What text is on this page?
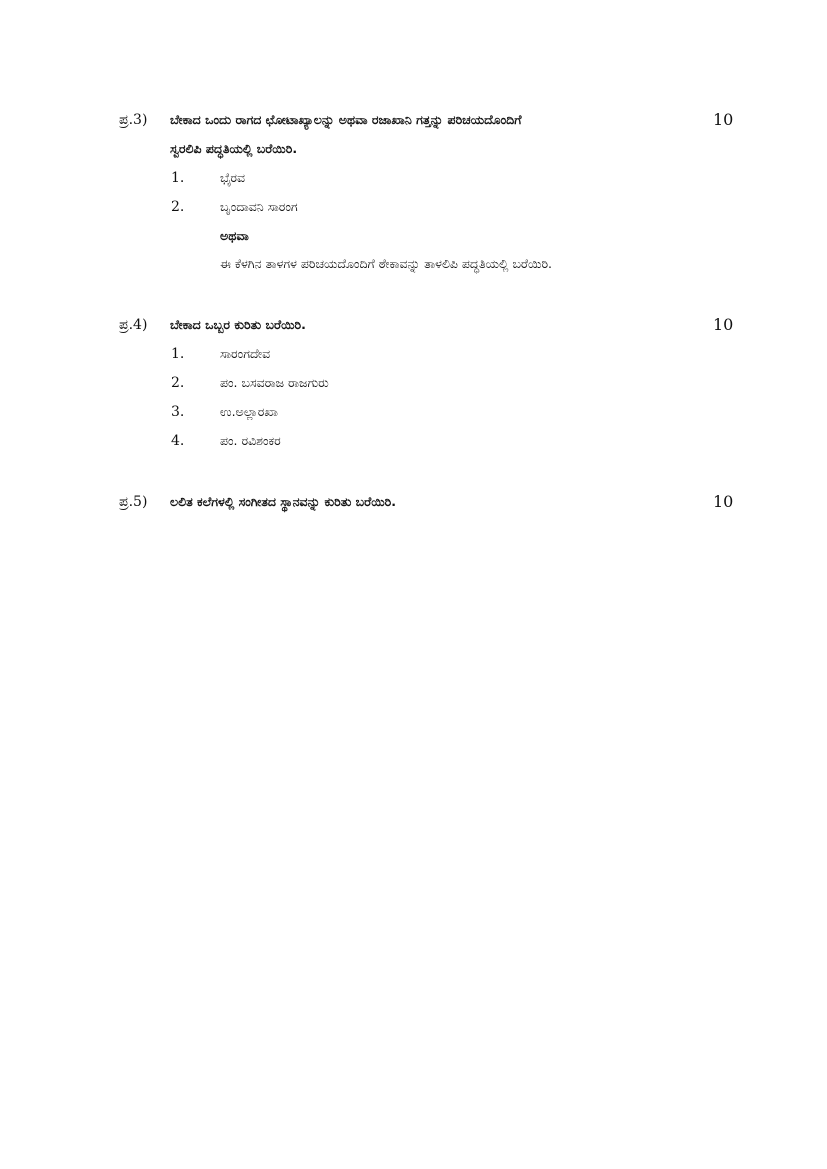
ಪ್ರ.3) ಬೇಕಾದ ಒಂದು ರಾಗದ ಛೋಟಾಖ್ಯಾಲನ್ನು ಅಥವಾ ರಜಾಖಾನಿ ಗತ್ತನ್ನು ಪರಿಚಯದೊಂದಿಗೆ
ಸ್ವರಲಿಪಿ ಪದ್ಧತಿಯಲ್ಲಿ ಬರೆಯಿರಿ.
10
1.	ಭೈರವ
2.	ಬೃಂದಾವನಿ ಸಾರಂಗ
ಅಥವಾ
ಈ ಕೆಳಗಿನ ತಾಳಗಳ ಪರಿಚಯದೊಂದಿಗೆ ಠೇಕಾವನ್ನು ತಾಳಲಿಪಿ ಪದ್ಧತಿಯಲ್ಲಿ ಬರೆಯಿರಿ.
ಪ್ರ.4) ಬೇಕಾದ ಒಬ್ಬರ ಕುರಿತು ಬರೆಯಿರಿ.	10
1.	ಸಾರಂಗದೇವ
2.	ಪಂ. ಬಸವರಾಜ ರಾಜಗುರು
3.	ಉ.ಅಲ್ಲಾರಖಾ
4.	ಪಂ. ರವಿಶಂಕರ
ಪ್ರ.5) ಲಲಿತ ಕಲೆಗಳಲ್ಲಿ ಸಂಗೀತದ ಸ್ಥಾನವನ್ನು ಕುರಿತು ಬರೆಯಿರಿ.	10
